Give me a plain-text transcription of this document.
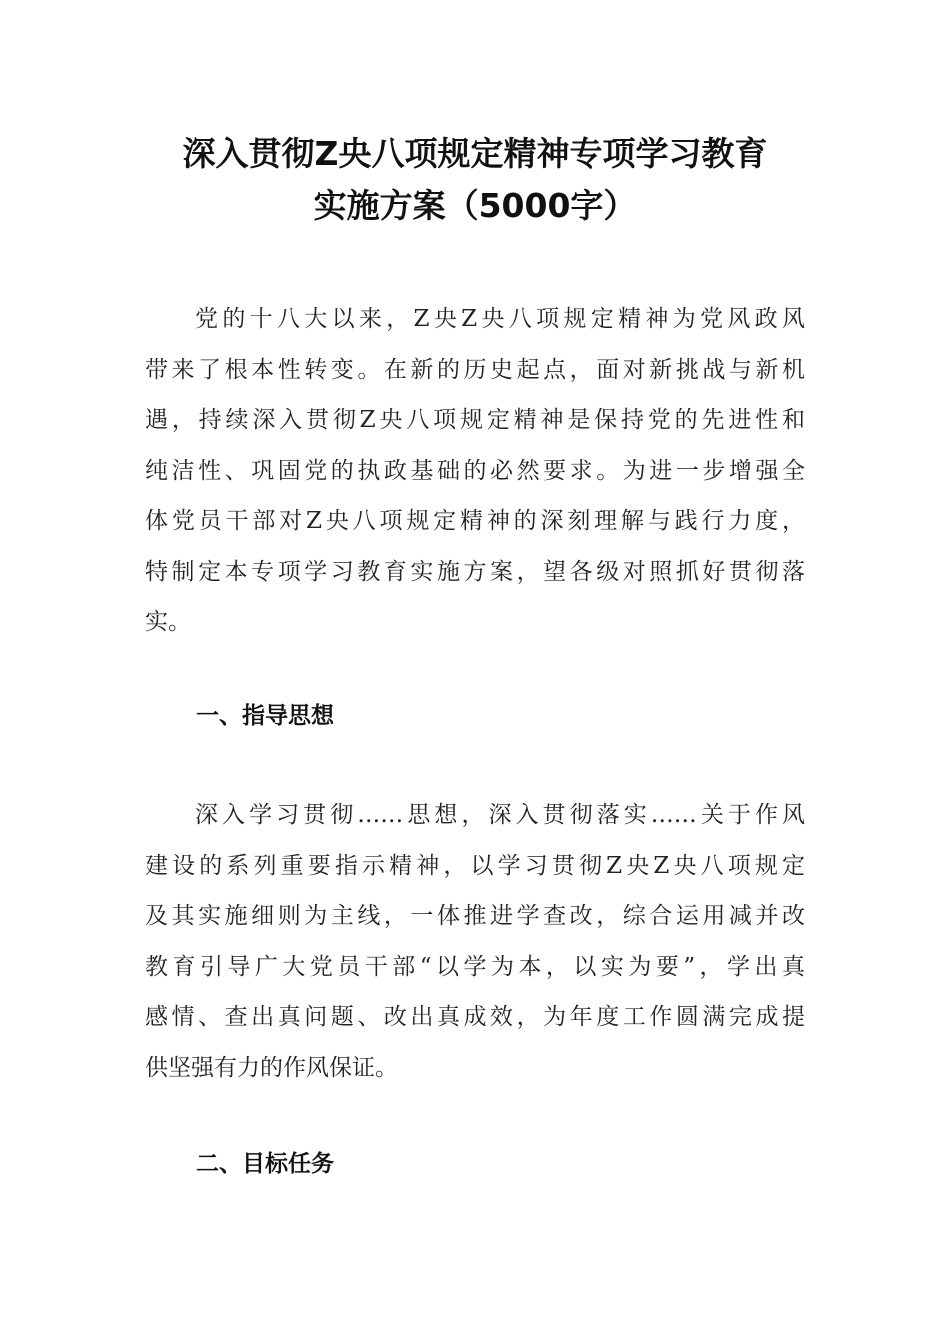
深入贯彻Z央八项规定精神专项学习教育
实施方案（5000字）
党的十八大以来，Z央Z央八项规定精神为党风政风
带来了根本性转变。在新的历史起点，面对新挑战与新机
遇，持续深入贯彻Z央八项规定精神是保持党的先进性和
纯洁性、巩固党的执政基础的必然要求。为进一步增强全
体党员干部对Z央八项规定精神的深刻理解与践行力度，
特制定本专项学习教育实施方案，望各级对照抓好贯彻落
实。
一、指导思想
深入学习贯彻……思想，深入贯彻落实……关于作风
建设的系列重要指示精神，以学习贯彻Z央Z央八项规定
及其实施细则为主线，一体推进学查改，综合运用减并改
教育引导广大党员干部“以学为本，以实为要”，学出真
感情、查出真问题、改出真成效，为年度工作圆满完成提
供坚强有力的作风保证。
二、目标任务
